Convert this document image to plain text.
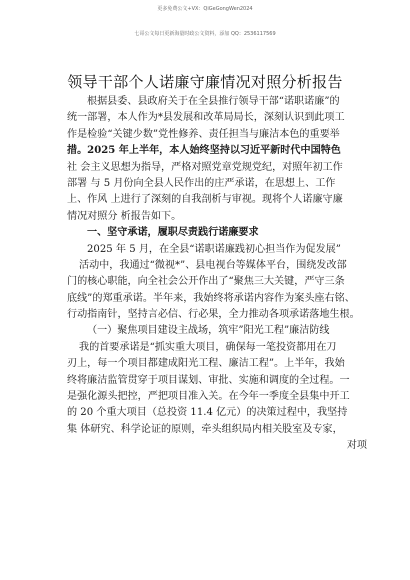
更多免费公文+VX：QiGeGongWen2024
七哥公文每日更新海量时政公文资料，添加 QQ：2536117569
领导干部个人诺廉守廉情况对照分析报告
根据县委、县政府关于在全县推行领导干部“诺职诺廉”的
统一部署，本人作为*县发展和改革局局长，深刻认识到此项工
作是检验“关键少数”党性修养、责任担当与廉洁本色的重要举
措。2025 年上半年，本人始终坚持以习近平新时代中国特色
社 会主义思想为指导，严格对照党章党规党纪，对照年初工作
部署 与 5 月份向全县人民作出的庄严承诺，在思想上、工作
上、作风 上进行了深刻的自我剖析与审视。现将个人诺廉守廉
情况对照分 析报告如下。
一、坚守承诺，履职尽责践行诺廉要求
2025 年 5 月，在全县“诺职诺廉践初心担当作为促发展”
活动中，我通过“微视*”、县电视台等媒体平台，围绕发改部
门的核心职能，向全社会公开作出了“聚焦三大关键，严守三条
底线”的郑重承诺。半年来，我始终将承诺内容作为案头座右铭、
行动指南针，坚持言必信、行必果，全力推动各项承诺落地生根。
（一）聚焦项目建设主战场，筑牢”阳光工程”廉洁防线
我的首要承诺是“抓实重大项目，确保每一笔投资都用在刀
刃上，每一个项目都建成阳光工程、廉洁工程”。上半年，我始
终将廉洁监管贯穿于项目谋划、审批、实施和调度的全过程。一
是强化源头把控，严把项目准入关。在今年一季度全县集中开工
的 20 个重大项目（总投资 11.4 亿元）的决策过程中，我坚持
集 体研究、科学论证的原则，牵头组织局内相关股室及专家，
对项
